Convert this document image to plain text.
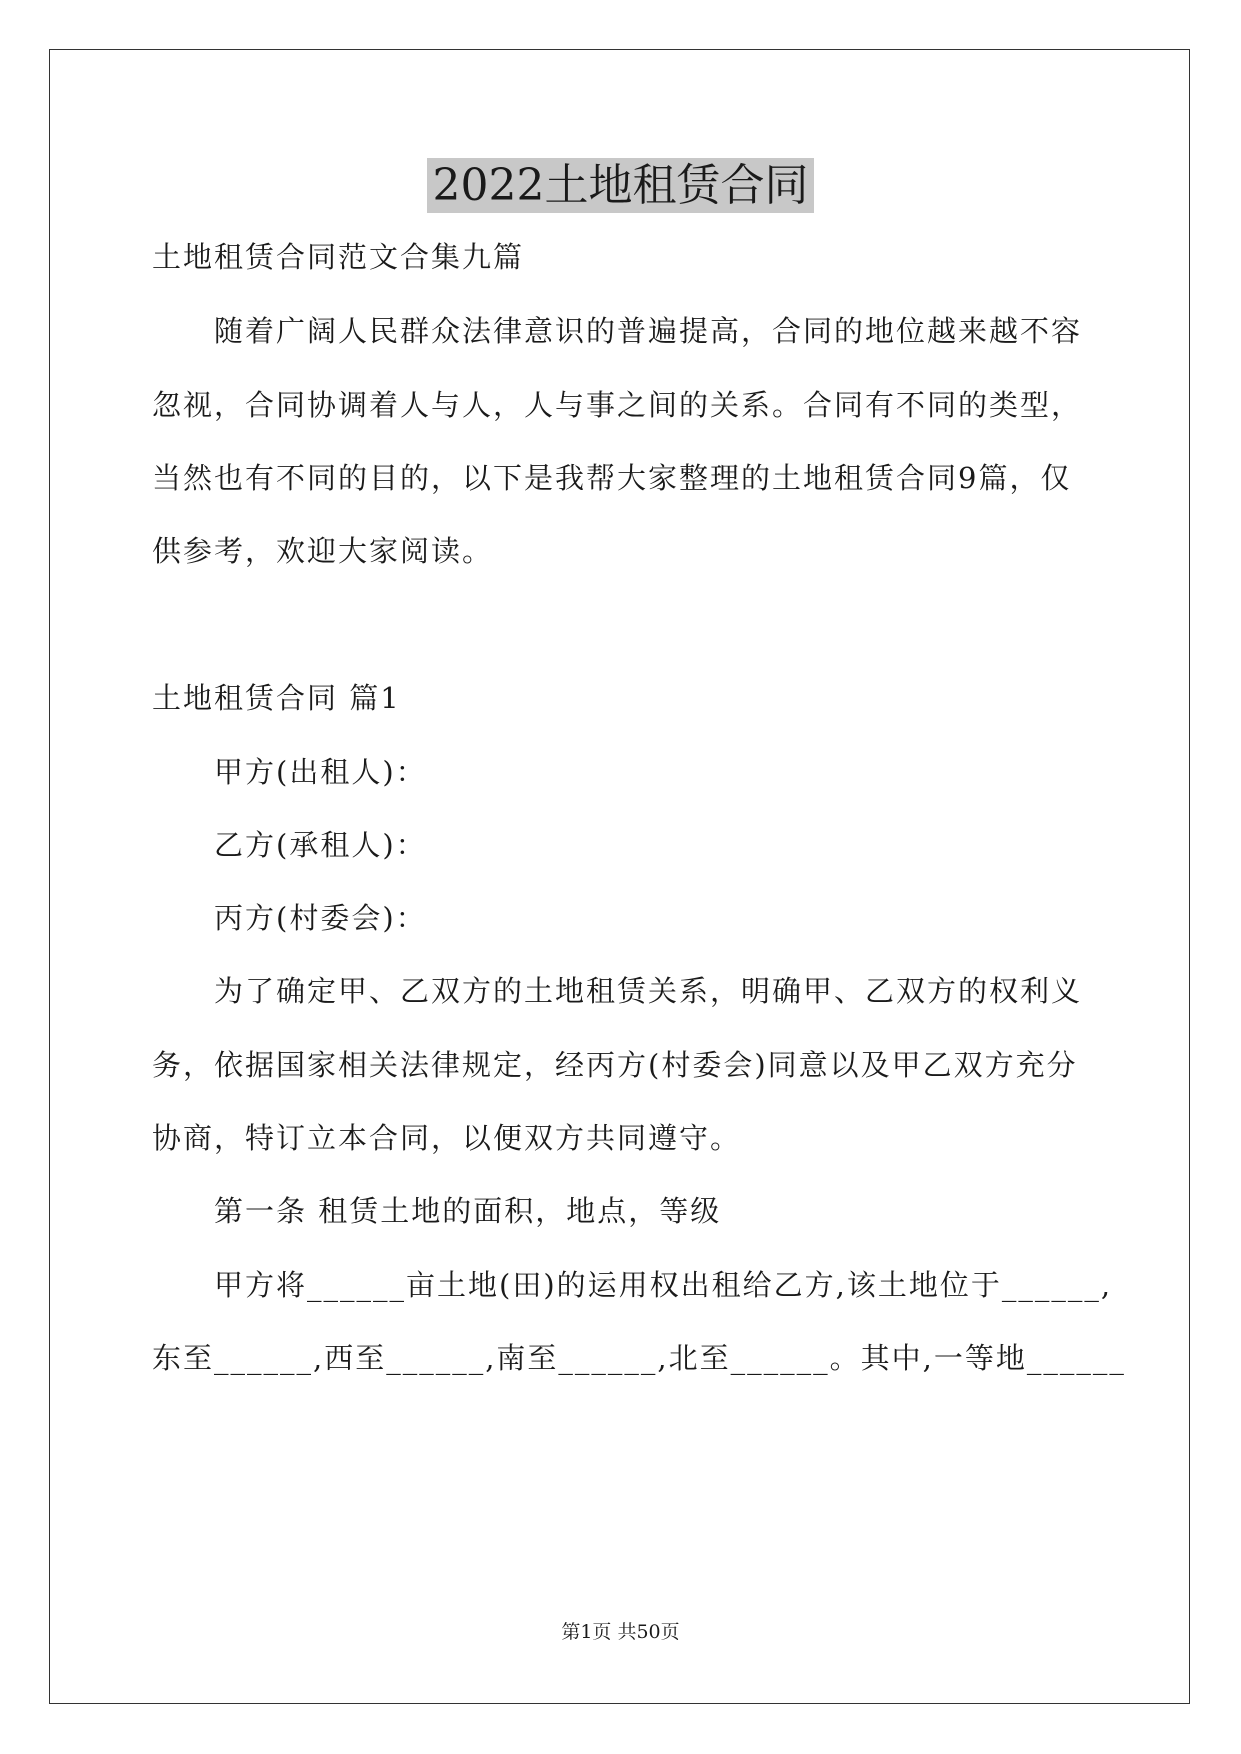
2022土地租赁合同
土地租赁合同范文合集九篇
随着广阔人民群众法律意识的普遍提高，合同的地位越来越不容
忽视，合同协调着人与人，人与事之间的关系。合同有不同的类型，
当然也有不同的目的，以下是我帮大家整理的土地租赁合同9篇，仅
供参考，欢迎大家阅读。
土地租赁合同 篇1
甲方(出租人)：
乙方(承租人)：
丙方(村委会)：
为了确定甲、乙双方的土地租赁关系，明确甲、乙双方的权利义
务，依据国家相关法律规定，经丙方(村委会)同意以及甲乙双方充分
协商，特订立本合同，以便双方共同遵守。
第一条 租赁土地的面积，地点，等级
甲方将______亩土地(田)的运用权出租给乙方,该土地位于______,
东至______,西至______,南至______,北至______。其中,一等地______
第1页 共50页
